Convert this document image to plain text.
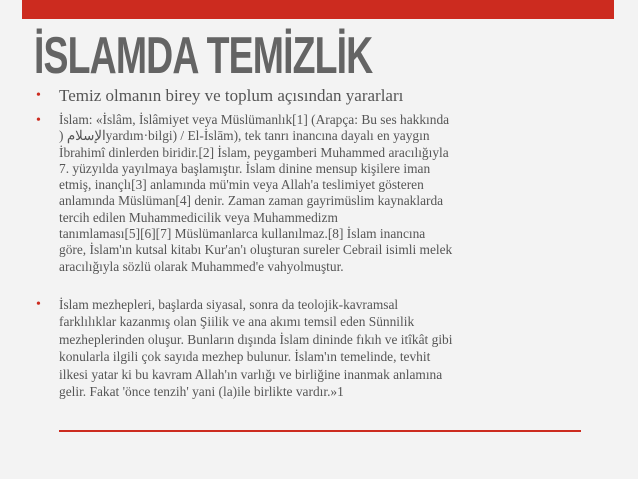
İSLAMDA TEMİZLİK
• Temiz olmanın birey ve toplum açısından yararları
• İslam: «İslâm, İslâmiyet veya Müslümanlık[1] (Arapça: Bu ses hakkında
) الإسلام‎yardım·bilgi) / El-İslām), tek tanrı inancına dayalı en yaygın
İbrahimî dinlerden biridir.[2] İslam, peygamberi Muhammed aracılığıyla
7. yüzyılda yayılmaya başlamıştır. İslam dinine mensup kişilere iman
etmiş, inançlı[3] anlamında mü'min veya Allah'a teslimiyet gösteren
anlamında Müslüman[4] denir. Zaman zaman gayrimüslim kaynaklarda
tercih edilen Muhammedicilik veya Muhammedizm
tanımlaması[5][6][7] Müslümanlarca kullanılmaz.[8] İslam inancına
göre, İslam'ın kutsal kitabı Kur'an'ı oluşturan sureler Cebrail isimli melek
aracılığıyla sözlü olarak Muhammed'e vahyolmuştur.
• İslam mezhepleri, başlarda siyasal, sonra da teolojik-kavramsal
farklılıklar kazanmış olan Şiilik ve ana akımı temsil eden Sünnilik
mezheplerinden oluşur. Bunların dışında İslam dininde fıkıh ve itîkât gibi
konularla ilgili çok sayıda mezhep bulunur. İslam'ın temelinde, tevhit
ilkesi yatar ki bu kavram Allah'ın varlığı ve birliğine inanmak anlamına
gelir. Fakat 'önce tenzih' yani (la)ile birlikte vardır.»1
